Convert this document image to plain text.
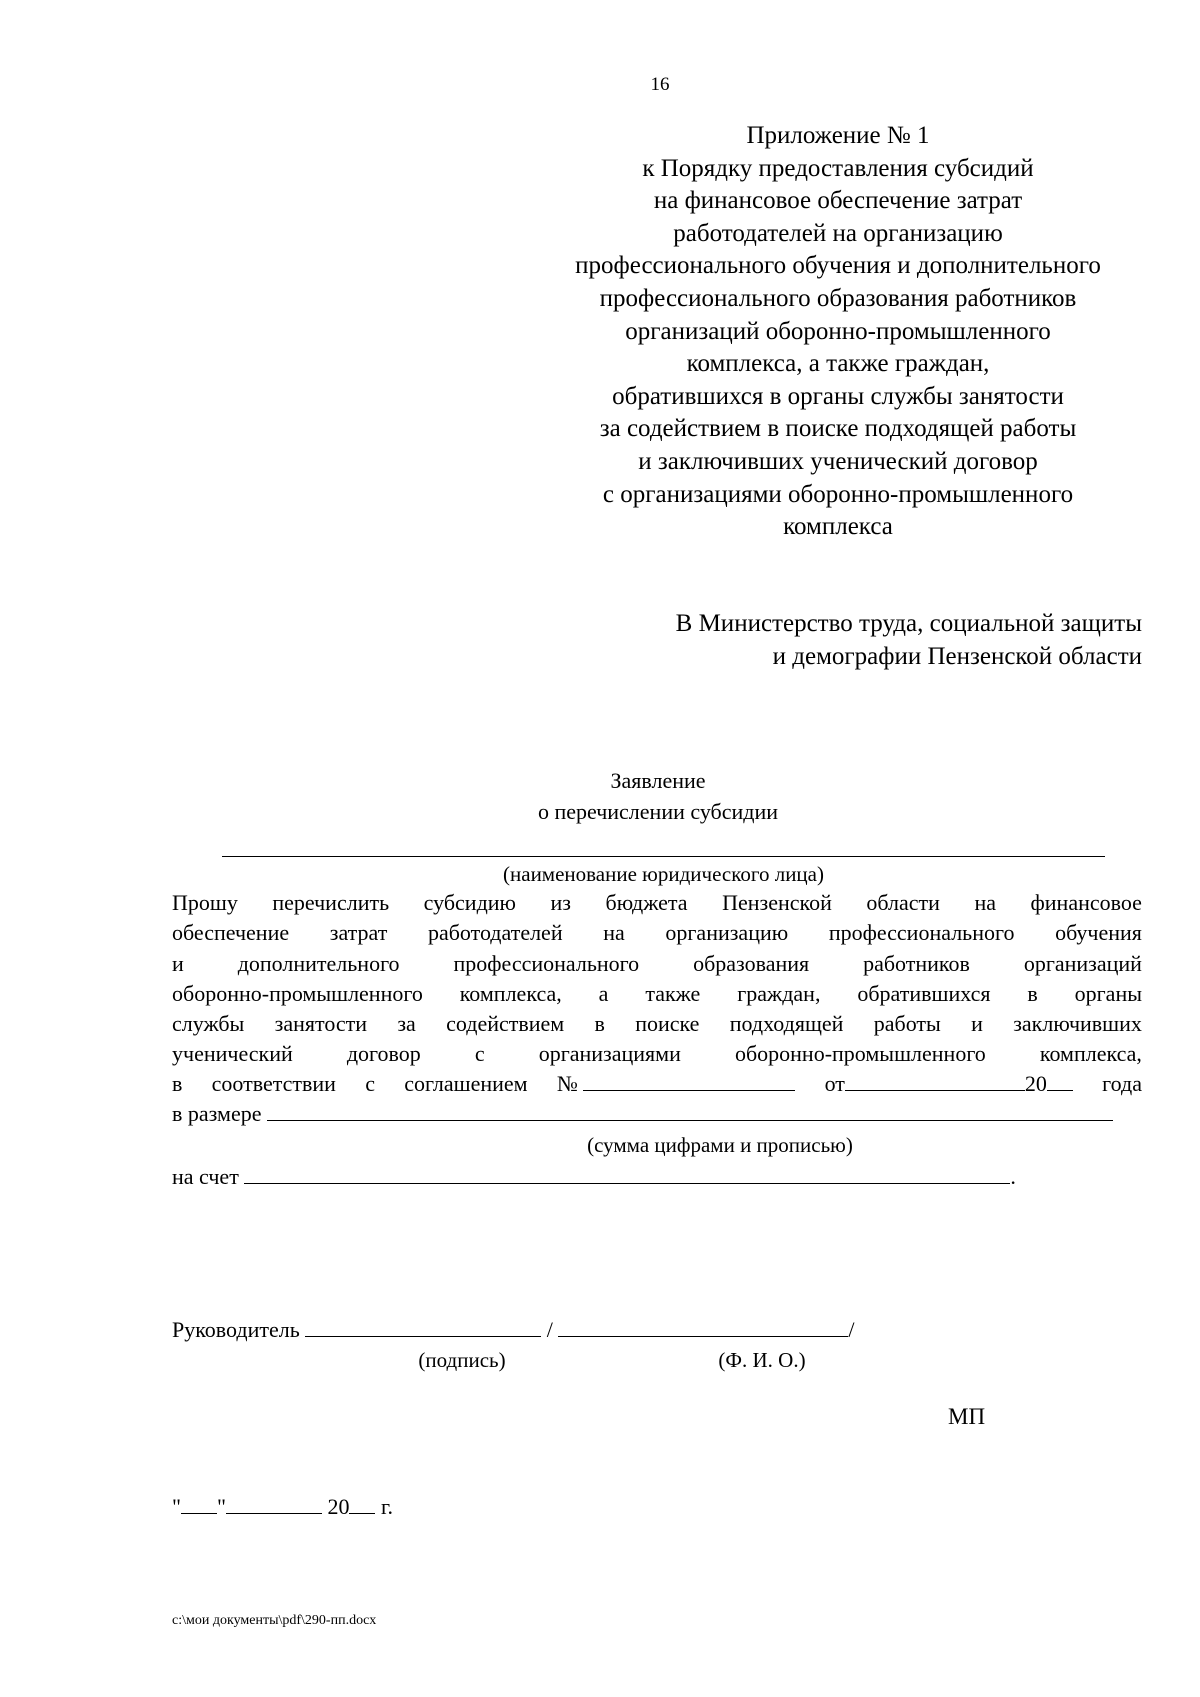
16
Приложение № 1
к Порядку предоставления субсидий
на финансовое обеспечение затрат
работодателей на организацию
профессионального обучения и дополнительного
профессионального образования работников
организаций оборонно-промышленного
комплекса, а также граждан,
обратившихся в органы службы занятости
за содействием в поиске подходящей работы
и заключивших ученический договор
с организациями оборонно-промышленного
комплекса
В Министерство труда, социальной защиты
и демографии Пензенской области
Заявление
о перечислении субсидии
(наименование юридического лица)
Прошу перечислить субсидию из бюджета Пензенской области на финансовое
обеспечение затрат работодателей на организацию профессионального обучения
и дополнительного профессионального образования работников организаций
оборонно-промышленного комплекса, а также граждан, обратившихся в органы
службы занятости за содействием в поиске подходящей работы и заключивших
ученический договор с организациями оборонно-промышленного комплекса,
в соответствии с соглашением №	от	20	года
в размере
(сумма цифрами и прописью)
на счет	.
Руководитель	/	/
(подпись)	(Ф. И. О.)
МП
" "	20 г.
c:\мои документы\pdf\290-пп.docx
